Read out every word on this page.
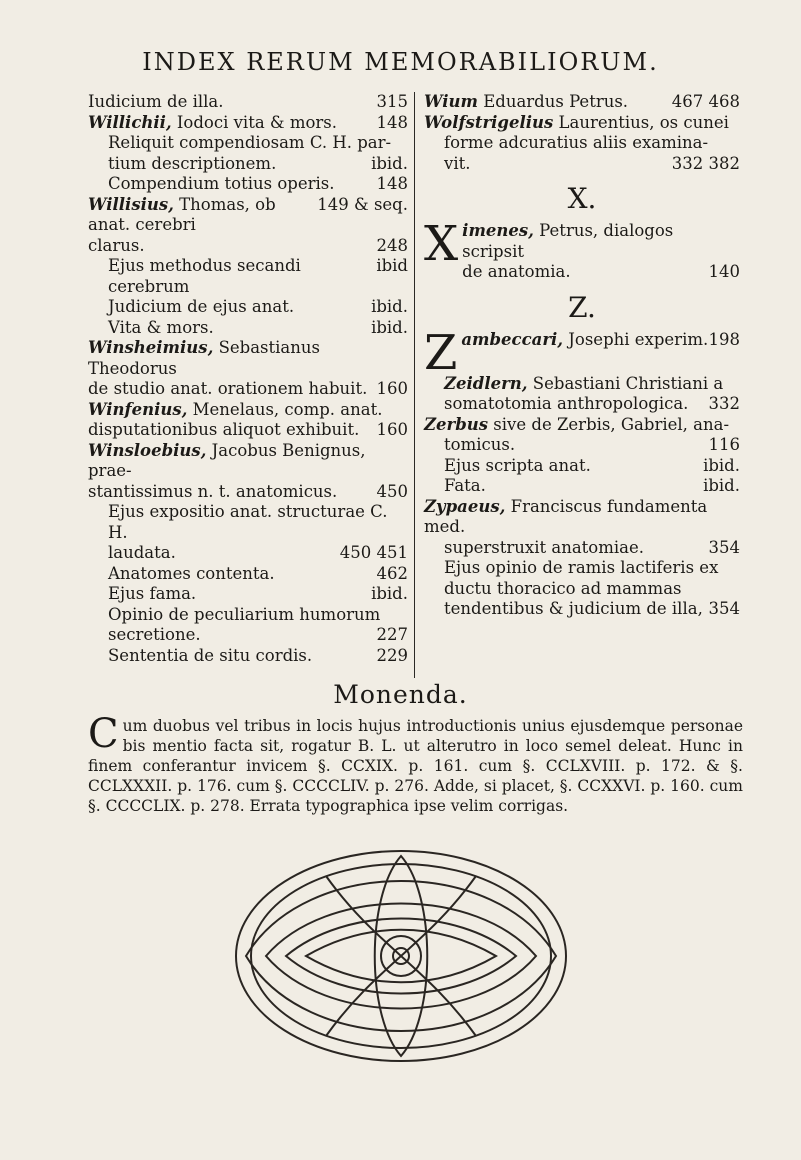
INDEX RERUM MEMORABILIORUM.
315
Iudicium de illa.
148
Willichii, Iodoci vita & mors.
Reliquit compendiosam C. H. par-
ibid.
tium descriptionem.
148
Compendium totius operis.
149 & seq.
Willisius, Thomas, ob anat. cerebri
248
clarus.
ibid
Ejus methodus secandi cerebrum
ibid.
Judicium de ejus anat.
ibid.
Vita & mors.
Winsheimius, Sebastianus Theodorus
160
de studio anat. orationem habuit.
Winfenius, Menelaus, comp. anat.
160
disputationibus aliquot exhibuit.
Winsloebius, Jacobus Benignus, prae-
450
stantissimus n. t. anatomicus.
Ejus expositio anat. structurae C. H.
450 451
laudata.
462
Anatomes contenta.
ibid.
Ejus fama.
Opinio de peculiarium humorum
227
secretione.
229
Sententia de situ cordis.
467 468
Wium Eduardus Petrus.
Wolfstrigelius Laurentius, os cunei
forme adcuratius aliis examina-
332 382
vit.
X.
X imenes, Petrus, dialogos scripsit
de anatomia.	140
Z.
198
Z ambeccari, Josephi experim.
Zeidlern, Sebastiani Christiani a
332
somatotomia anthropologica.
Zerbus sive de Zerbis, Gabriel, ana-
116
tomicus.
ibid.
Ejus scripta anat.
ibid.
Fata.
Zypaeus, Franciscus fundamenta med.
354
superstruxit anatomiae.
Ejus opinio de ramis lactiferis ex
ductu thoracico ad mammas
354
tendentibus & judicium de illa,
Monenda.
Cum duobus vel tribus in locis hujus introductionis unius ejusdemque personae bis mentio facta sit, rogatur B. L. ut alterutro in loco semel deleat. Hunc in finem conferantur invicem §. CCXIX. p. 161. cum §. CCLXVIII. p. 172. & §. CCLXXXII. p. 176. cum §. CCCCLIV. p. 276. Adde, si placet, §. CCXXVI. p. 160. cum §. CCCCLIX. p. 278. Errata typographica ipse velim corrigas.
